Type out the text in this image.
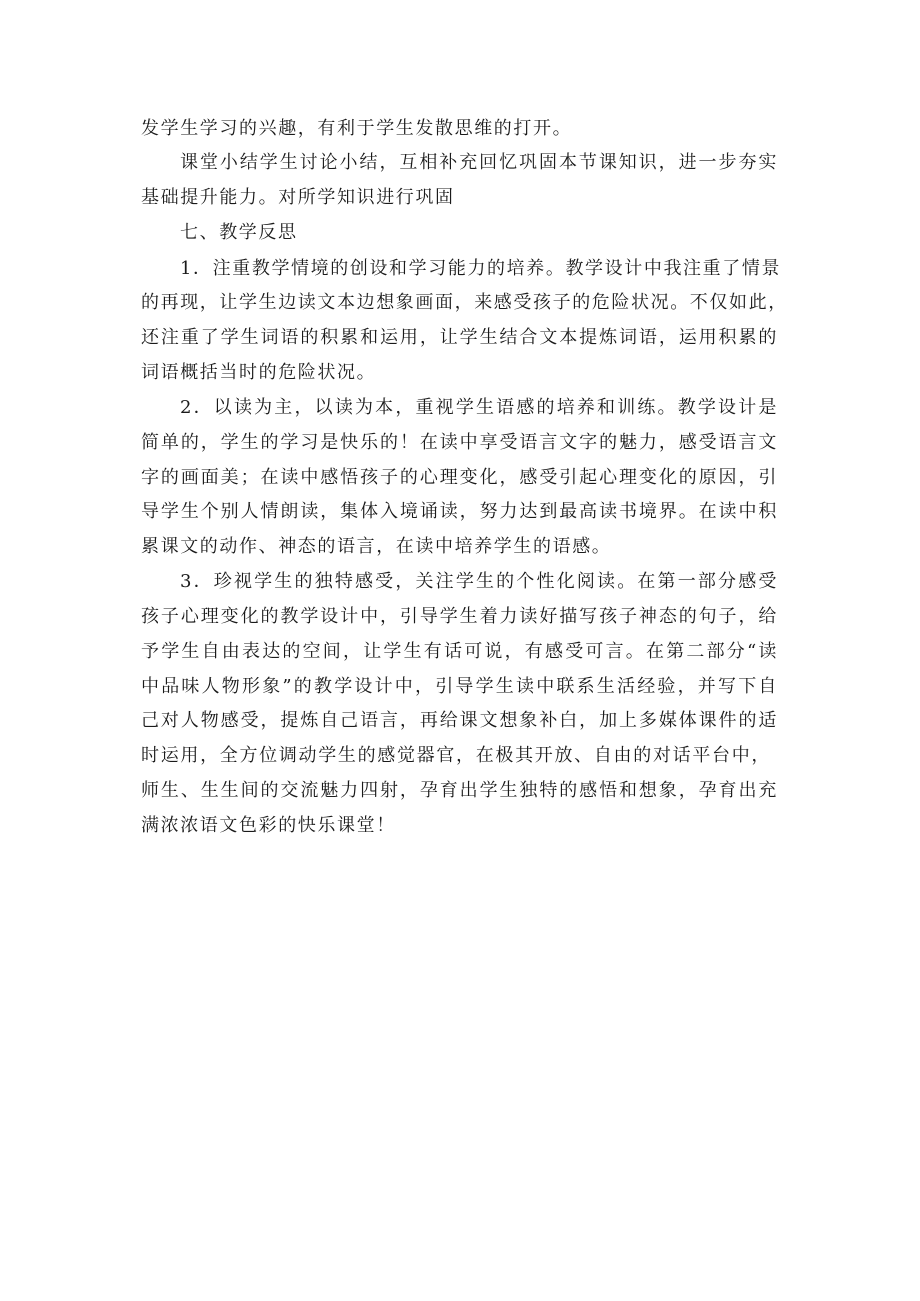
发学生学习的兴趣，有利于学生发散思维的打开。

课堂小结学生讨论小结，互相补充回忆巩固本节课知识，进一步夯实

基础提升能力。对所学知识进行巩固

七、教学反思

1．注重教学情境的创设和学习能力的培养。教学设计中我注重了情景

的再现，让学生边读文本边想象画面，来感受孩子的危险状况。不仅如此，

还注重了学生词语的积累和运用，让学生结合文本提炼词语，运用积累的

词语概括当时的危险状况。

2．以读为主，以读为本，重视学生语感的培养和训练。教学设计是

简单的，学生的学习是快乐的！在读中享受语言文字的魅力，感受语言文

字的画面美；在读中感悟孩子的心理变化，感受引起心理变化的原因，引

导学生个别人情朗读，集体入境诵读，努力达到最高读书境界。在读中积

累课文的动作、神态的语言，在读中培养学生的语感。

3．珍视学生的独特感受，关注学生的个性化阅读。在第一部分感受

孩子心理变化的教学设计中，引导学生着力读好描写孩子神态的句子，给

予学生自由表达的空间，让学生有话可说，有感受可言。在第二部分“读

中品味人物形象”的教学设计中，引导学生读中联系生活经验，并写下自

己对人物感受，提炼自己语言，再给课文想象补白，加上多媒体课件的适

时运用，全方位调动学生的感觉器官，在极其开放、自由的对话平台中，

师生、生生间的交流魅力四射，孕育出学生独特的感悟和想象，孕育出充

满浓浓语文色彩的快乐课堂！
